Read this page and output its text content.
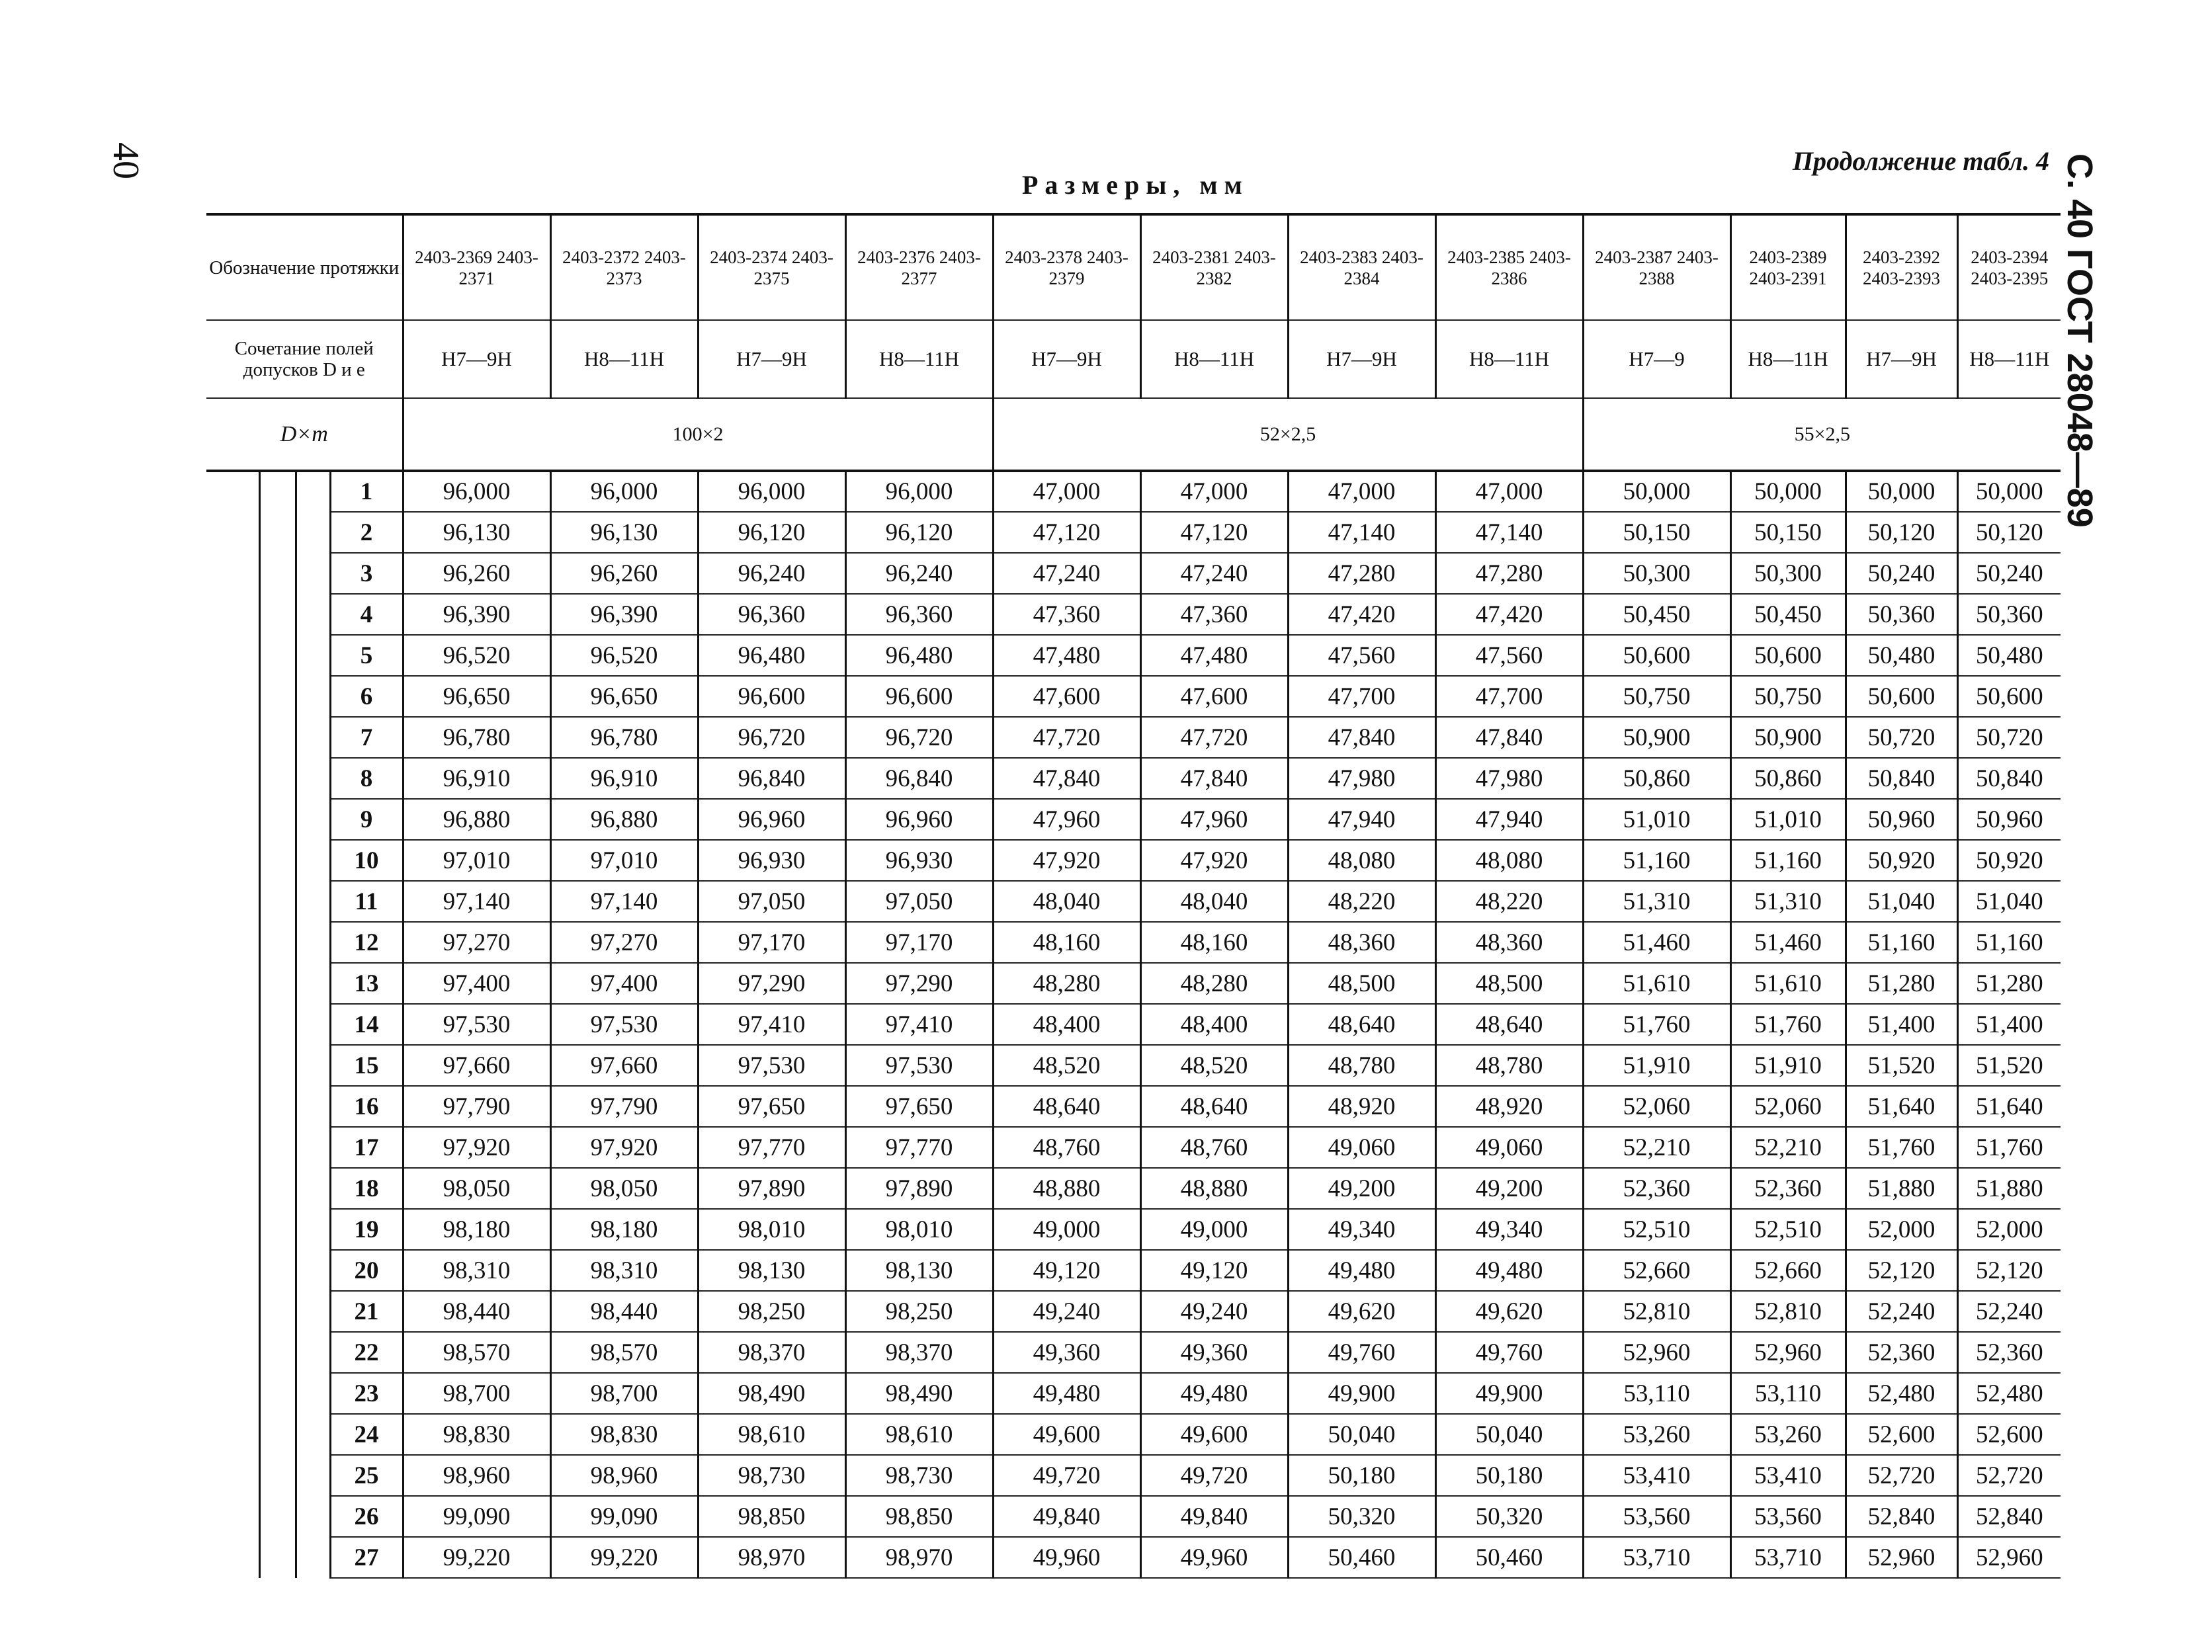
40	Продолжение табл. 4 С. 40 ГОСТ 28048—89
Размеры, мм
Обозначение протяжки				2403-2369 2403-2371	2403-2372 2403-2373	2403-2374 2403-2375	2403-2376 2403-2377	2403-2378 2403-2379	2403-2381 2403-2382	2403-2383 2403-2384	2403-2385 2403-2386	2403-2387 2403-2388	2403-2389 2403-2391	2403-2392 2403-2393	2403-2394 2403-2395
Сочетание полей допусков D и e				H7—9H	H8—11H	H7—9H	H8—11H	H7—9H	H8—11H	H7—9H	H8—11H	H7—9	H8—11H	H7—9H	H8—11H
D×m				100×2				52×2,5				55×2,5			
			1	96,000	96,000	96,000	96,000	47,000	47,000	47,000	47,000	50,000	50,000	50,000	50,000
			2	96,130	96,130	96,120	96,120	47,120	47,120	47,140	47,140	50,150	50,150	50,120	50,120
			3	96,260	96,260	96,240	96,240	47,240	47,240	47,280	47,280	50,300	50,300	50,240	50,240
			4	96,390	96,390	96,360	96,360	47,360	47,360	47,420	47,420	50,450	50,450	50,360	50,360
			5	96,520	96,520	96,480	96,480	47,480	47,480	47,560	47,560	50,600	50,600	50,480	50,480
			6	96,650	96,650	96,600	96,600	47,600	47,600	47,700	47,700	50,750	50,750	50,600	50,600
			7	96,780	96,780	96,720	96,720	47,720	47,720	47,840	47,840	50,900	50,900	50,720	50,720
			8	96,910	96,910	96,840	96,840	47,840	47,840	47,980	47,980	50,860	50,860	50,840	50,840
		9	96,880	96,880	96,960	96,960	47,960	47,960	47,940	47,940	51,010	51,010	50,960	50,960
			10	97,010	97,010	96,930	96,930	47,920	47,920	48,080	48,080	51,160	51,160	50,920	50,920
			11	97,140	97,140	97,050	97,050	48,040	48,040	48,220	48,220	51,310	51,310	51,040	51,040
			12	97,270	97,270	97,170	97,170	48,160	48,160	48,360	48,360	51,460	51,460	51,160	51,160
			13	97,400	97,400	97,290	97,290	48,280	48,280	48,500	48,500	51,610	51,610	51,280	51,280
			14	97,530	97,530	97,410	97,410	48,400	48,400	48,640	48,640	51,760	51,760	51,400	51,400
			15	97,660	97,660	97,530	97,530	48,520	48,520	48,780	48,780	51,910	51,910	51,520	51,520
			16	97,790	97,790	97,650	97,650	48,640	48,640	48,920	48,920	52,060	52,060	51,640	51,640
			17	97,920	97,920	97,770	97,770	48,760	48,760	49,060	49,060	52,210	52,210	51,760	51,760
			18	98,050	98,050	97,890	97,890	48,880	48,880	49,200	49,200	52,360	52,360	51,880	51,880
			19	98,180	98,180	98,010	98,010	49,000	49,000	49,340	49,340	52,510	52,510	52,000	52,000
			20	98,310	98,310	98,130	98,130	49,120	49,120	49,480	49,480	52,660	52,660	52,120	52,120
			21	98,440	98,440	98,250	98,250	49,240	49,240	49,620	49,620	52,810	52,810	52,240	52,240
			22	98,570	98,570	98,370	98,370	49,360	49,360	49,760	49,760	52,960	52,960	52,360	52,360
			23	98,700	98,700	98,490	98,490	49,480	49,480	49,900	49,900	53,110	53,110	52,480	52,480
			24	98,830	98,830	98,610	98,610	49,600	49,600	50,040	50,040	53,260	53,260	52,600	52,600
			25	98,960	98,960	98,730	98,730	49,720	49,720	50,180	50,180	53,410	53,410	52,720	52,720
			26	99,090	99,090	98,850	98,850	49,840	49,840	50,320	50,320	53,560	53,560	52,840	52,840
			27	99,220	99,220	98,970	98,970	49,960	49,960	50,460	50,460	53,710	53,710	52,960	52,960
